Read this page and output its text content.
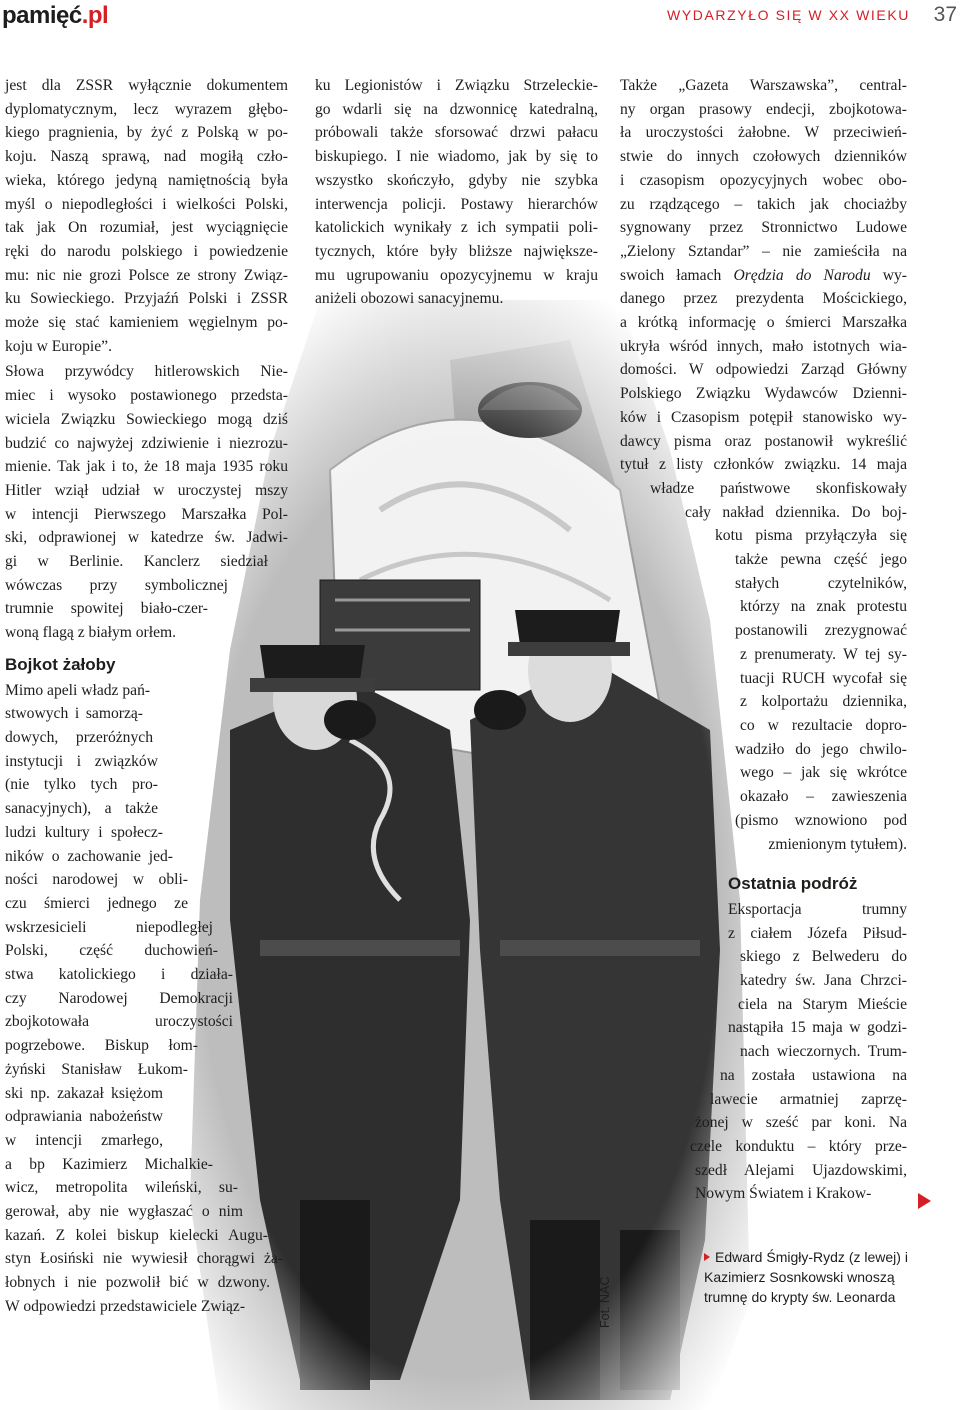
pamięć.pl	WYDARZYŁO SIĘ W XX WIEKU	37
jest dla ZSSR wyłącznie dokumentem
dyplomatycznym, lecz wyrazem głębo-
kiego pragnienia, by żyć z Polską w po-
koju. Naszą sprawą, nad mogiłą czło-
wieka, którego jedyną namiętnością była
myśl o niepodległości i wielkości Polski,
tak jak On rozumiał, jest wyciągnięcie
ręki do narodu polskiego i powiedzenie
mu: nic nie grozi Polsce ze strony Związ-
ku Sowieckiego. Przyjaźń Polski i ZSSR
może się stać kamieniem węgielnym po-
koju w Europie”.
Słowa przywódcy hitlerowskich Nie-
miec i wysoko postawionego przedsta-
wiciela Związku Sowieckiego mogą dziś
budzić co najwyżej zdziwienie i niezrozu-
mienie. Tak jak i to, że 18 maja 1935 roku
Hitler wziął udział w uroczystej mszy
w intencji Pierwszego Marszałka Pol-
ski, odprawionej w katedrze św. Jadwi-
gi w Berlinie. Kanclerz siedział
wówczas przy symbolicznej
trumnie spowitej biało-czer-
woną flagą z białym orłem.
Bojkot żałoby
Mimo apeli władz pań-
stwowych i samorzą-
dowych, przeróżnych
instytucji i związków
(nie tylko tych pro-
sanacyjnych), a także
ludzi kultury i społecz-
ników o zachowanie jed-
ności narodowej w obli-
czu śmierci jednego ze
wskrzesicieli niepodległej
Polski, część duchowień-
stwa katolickiego i działa-
czy Narodowej Demokracji
zbojkotowała uroczystości
pogrzebowe. Biskup łom-
żyński Stanisław Łukom-
ski np. zakazał księżom
odprawiania nabożeństw
w intencji zmarłego,
a bp Kazimierz Michalkie-
wicz, metropolita wileński, su-
gerował, aby nie wygłaszać o nim
kazań. Z kolei biskup kielecki Augu-
styn Łosiński nie wywiesił chorągwi ża-
łobnych i nie pozwolił bić w dzwony.
W odpowiedzi przedstawiciele Związ-
ku Legionistów i Związku Strzeleckie-
go wdarli się na dzwonnicę katedralną,
próbowali także sforsować drzwi pałacu
biskupiego. I nie wiadomo, jak by się to
wszystko skończyło, gdyby nie szybka
interwencja policji. Postawy hierarchów
katolickich wynikały z ich sympatii poli-
tycznych, które były bliższe największe-
mu ugrupowaniu opozycyjnemu w kraju
aniżeli obozowi sanacyjnemu.
Także „Gazeta Warszawska”, central-
ny organ prasowy endecji, zbojkotowa-
ła uroczystości żałobne. W przeciwień-
stwie do innych czołowych dzienników
i czasopism opozycyjnych wobec obo-
zu rządzącego – takich jak chociażby
sygnowany przez Stronnictwo Ludowe
„Zielony Sztandar” – nie zamieściła na
swoich łamach Orędzia do Narodu wy-
danego przez prezydenta Mościckiego,
a krótką informację o śmierci Marszałka
ukryła wśród innych, mało istotnych wia-
domości. W odpowiedzi Zarząd Główny
Polskiego Związku Wydawców Dzienni-
ków i Czasopism potępił stanowisko wy-
dawcy pisma oraz postanowił wykreślić
tytuł z listy członków związku. 14 maja
władze państwowe skonfiskowały
cały nakład dziennika. Do boj-
kotu pisma przyłączyła się
także pewna część jego
stałych czytelników,
którzy na znak protestu
postanowili zrezygnować
z prenumeraty. W tej sy-
tuacji RUCH wycofał się
z kolportażu dziennika,
co w rezultacie dopro-
wadziło do jego chwilo-
wego – jak się wkrótce
okazało – zawieszenia
(pismo wznowiono pod
zmienionym tytułem).
Ostatnia podróż
Eksportacja trumny
z ciałem Józefa Piłsud-
skiego z Belwederu do
katedry św. Jana Chrzci-
ciela na Starym Mieście
nastąpiła 15 maja w godzi-
nach wieczornych. Trum-
na została ustawiona na
lawecie armatniej zaprzę-
żonej w sześć par koni. Na
czele konduktu – który prze-
szedł Alejami Ujazdowskimi,
Nowym Światem i Krakow-
Fot. NAC
Edward Śmigły-Rydz (z lewej) i Kazimierz Sosnkowski wnoszą trumnę do krypty św. Leonarda
